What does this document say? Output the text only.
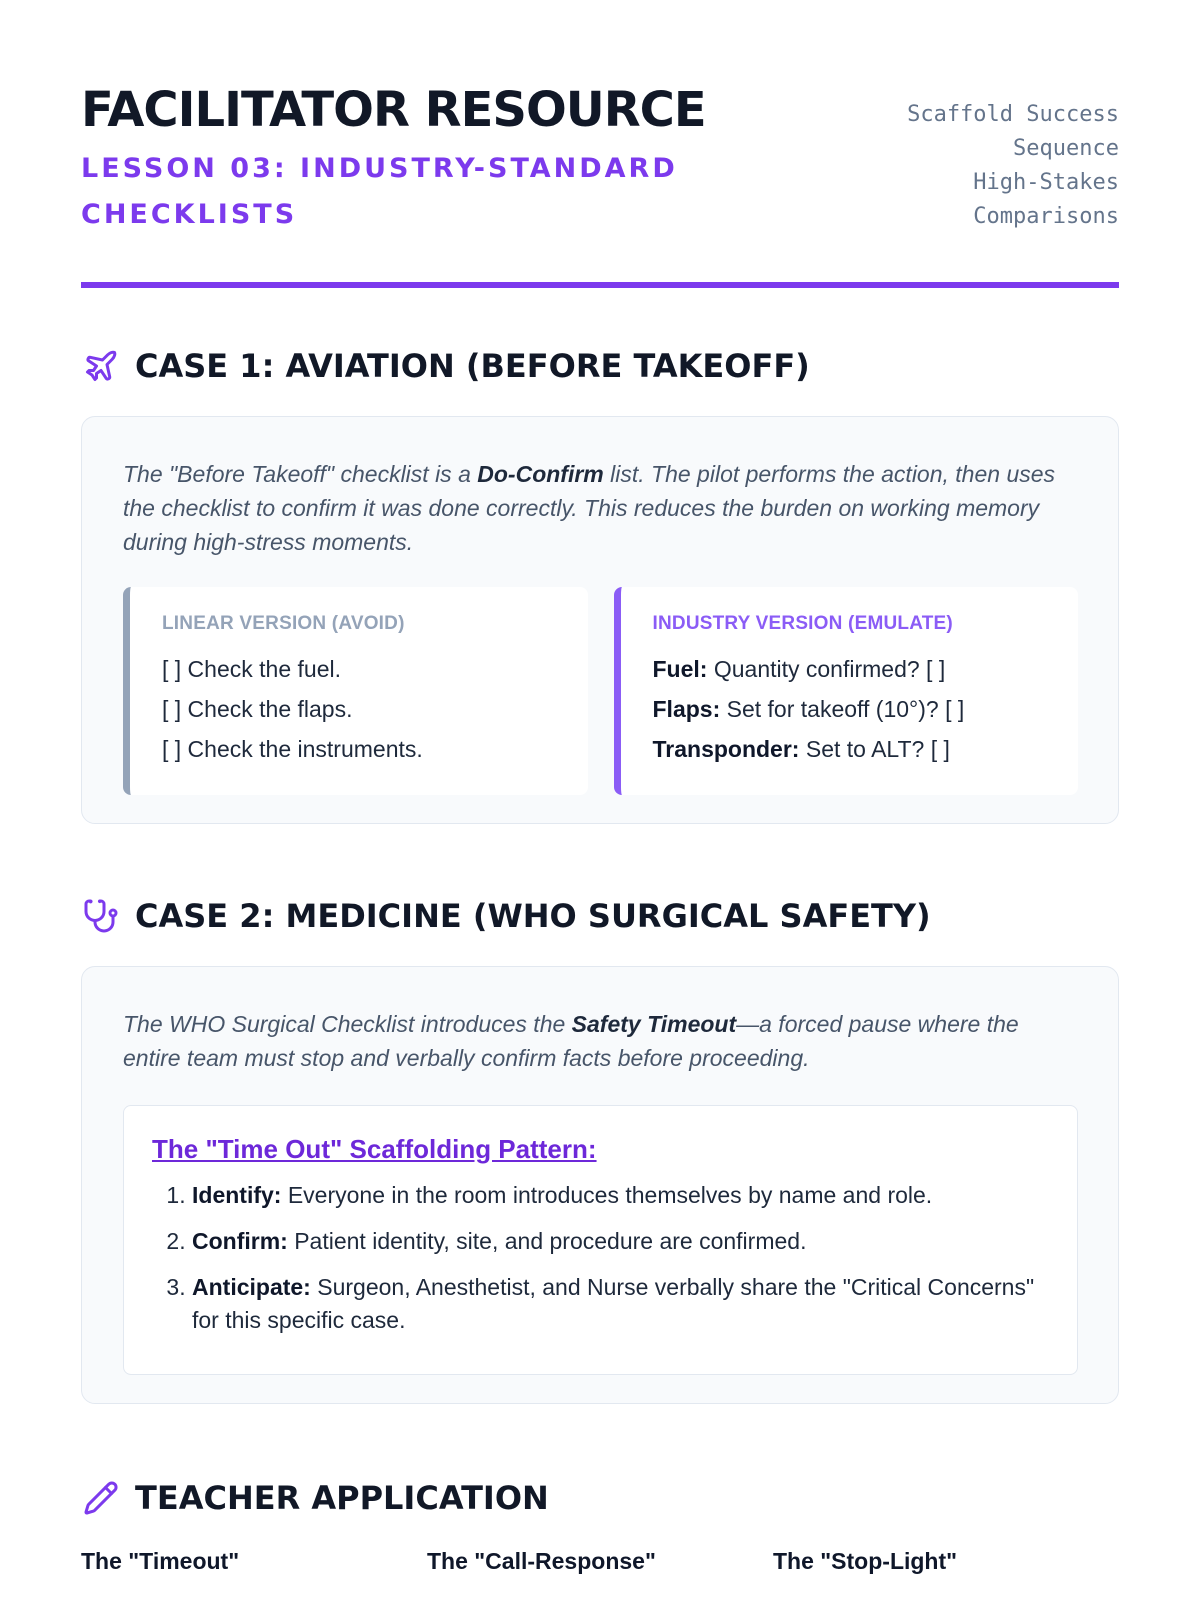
FACILITATOR RESOURCE
LESSON 03: INDUSTRY-STANDARD CHECKLISTS
Scaffold Success
Sequence
High-Stakes
Comparisons
CASE 1: AVIATION (BEFORE TAKEOFF)

The "Before Takeoff" checklist is a Do-Confirm list. The pilot performs the action, then uses the checklist to confirm it was done correctly. This reduces the burden on working memory during high-stress moments.

LINEAR VERSION (AVOID)
[ ] Check the fuel.
[ ] Check the flaps.
[ ] Check the instruments.
INDUSTRY VERSION (EMULATE)
Fuel: Quantity confirmed? [ ]
Flaps: Set for takeoff (10°)? [ ]
Transponder: Set to ALT? [ ]
CASE 2: MEDICINE (WHO SURGICAL SAFETY)

The WHO Surgical Checklist introduces the Safety Timeout—a forced pause where the entire team must stop and verbally confirm facts before proceeding.

The "Time Out" Scaffolding Pattern:
1. Identify: Everyone in the room introduces themselves by name and role.
2. Confirm: Patient identity, site, and procedure are confirmed.
3. Anticipate: Surgeon, Anesthetist, and Nurse verbally share the "Critical Concerns" for this specific case.
TEACHER APPLICATION
The "Timeout"	The "Call-Response"	The "Stop-Light"
